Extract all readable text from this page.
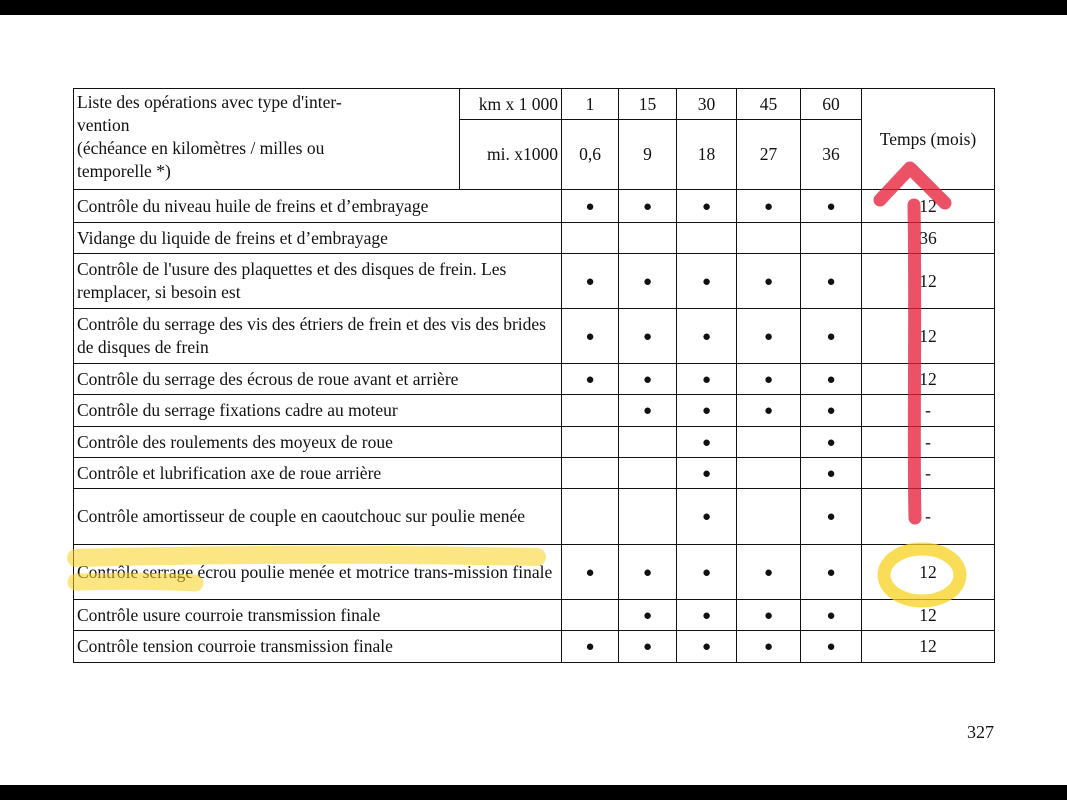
Liste des opérations avec type d'inter-
vention
(échéance en kilomètres / milles ou
temporelle *)	km x 1 000	1	15	30	45	60	Temps (mois)
	mi. x1000	0,6	9	18	27	36	
Contrôle du niveau huile de freins et d’embrayage		●	●	●	●	●	12
Vidange du liquide de freins et d’embrayage							36
Contrôle de l'usure des plaquettes et des disques de frein. Les remplacer, si besoin est		●	●	●	●	●	12
Contrôle du serrage des vis des étriers de frein et des vis des brides de disques de frein		●	●	●	●	●	12
Contrôle du serrage des écrous de roue avant et arrière		●	●	●	●	●	12
Contrôle du serrage fixations cadre au moteur			●	●	●	●	-
Contrôle des roulements des moyeux de roue				●		●	-
Contrôle et lubrification axe de roue arrière				●		●	-
Contrôle amortisseur de couple en caoutchouc sur poulie menée				●		●	-
Contrôle serrage écrou poulie menée et motrice trans-mission finale		●	●	●	●	●	12
Contrôle usure courroie transmission finale			●	●	●	●	12
Contrôle tension courroie transmission finale		●	●	●	●	●	12
327
